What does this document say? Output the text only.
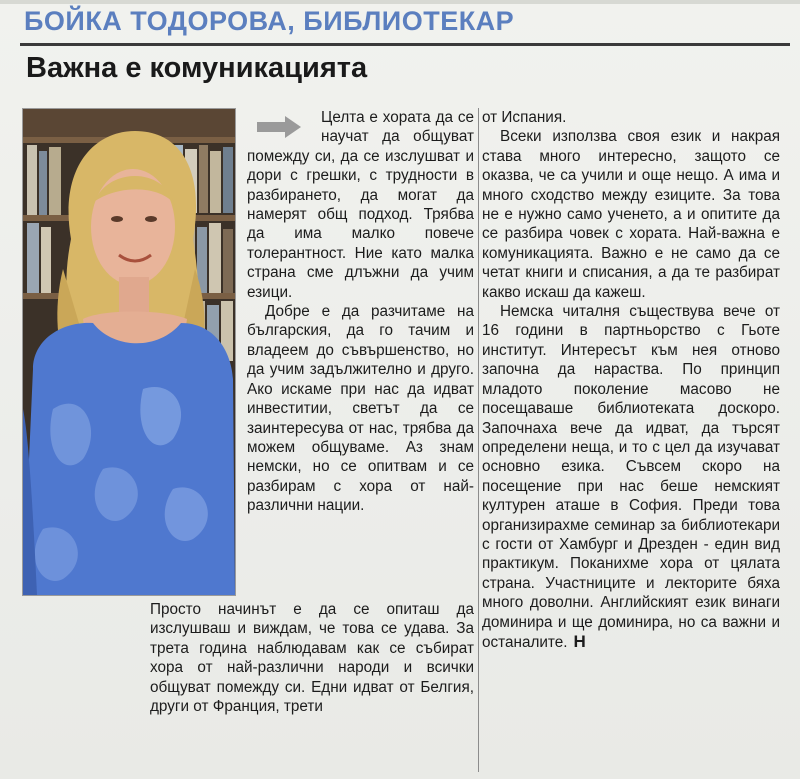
БОЙКА ТОДОРОВА, БИБЛИОТЕКАР
Важна е комуникацията

Целта е хората да се научат да общуват помежду си, да се изслушват и дори с грешки, с трудности в разбирането, да могат да намерят общ подход. Трябва да има малко повече толерантност. Ние като малка страна сме длъжни да учим езици.

Добре е да разчитаме на българския, да го тачим и владеем до съвършенство, но да учим задължително и друго. Ако искаме при нас да идват инвеститии, светът да се заинтересува от нас, трябва да можем общуваме. Аз знам немски, но се опитвам и се разбирам с хора от най-различни нации.

Просто начинът е да се опиташ да изслушваш и виждам, че това се удава. За трета година наблюдавам как се събират хора от най-различни народи и всички общуват помежду си. Едни идват от Белгия, други от Франция, трети

от Испания.

Всеки използва своя език и накрая става много интересно, защото се оказва, че са учили и още нещо. А има и много сходство между езиците. За това не е нужно само ученето, а и опитите да се разбира човек с хората. Най-важна е комуникацията. Важно е не само да се четат книги и списания, а да те разбират какво искаш да кажеш.

Немска читалня съществува вече от 16 години в партньорство с Гьоте институт. Интересът към нея отново започна да нараства. По принцип младото поколение масово не посещаваше библиотеката доскоро. Започнаха вече да идват, да търсят определени неща, и то с цел да изучават основно езика. Съвсем скоро на посещение при нас беше немският културен аташе в София. Преди това организирахме семинар за библиотекари с гости от Хамбург и Дрезден - един вид практикум. Поканихме хора от цялата страна. Участниците и лекторите бяха много доволни. Английският език винаги доминира и ще доминира, но са важни и останалите. Н
